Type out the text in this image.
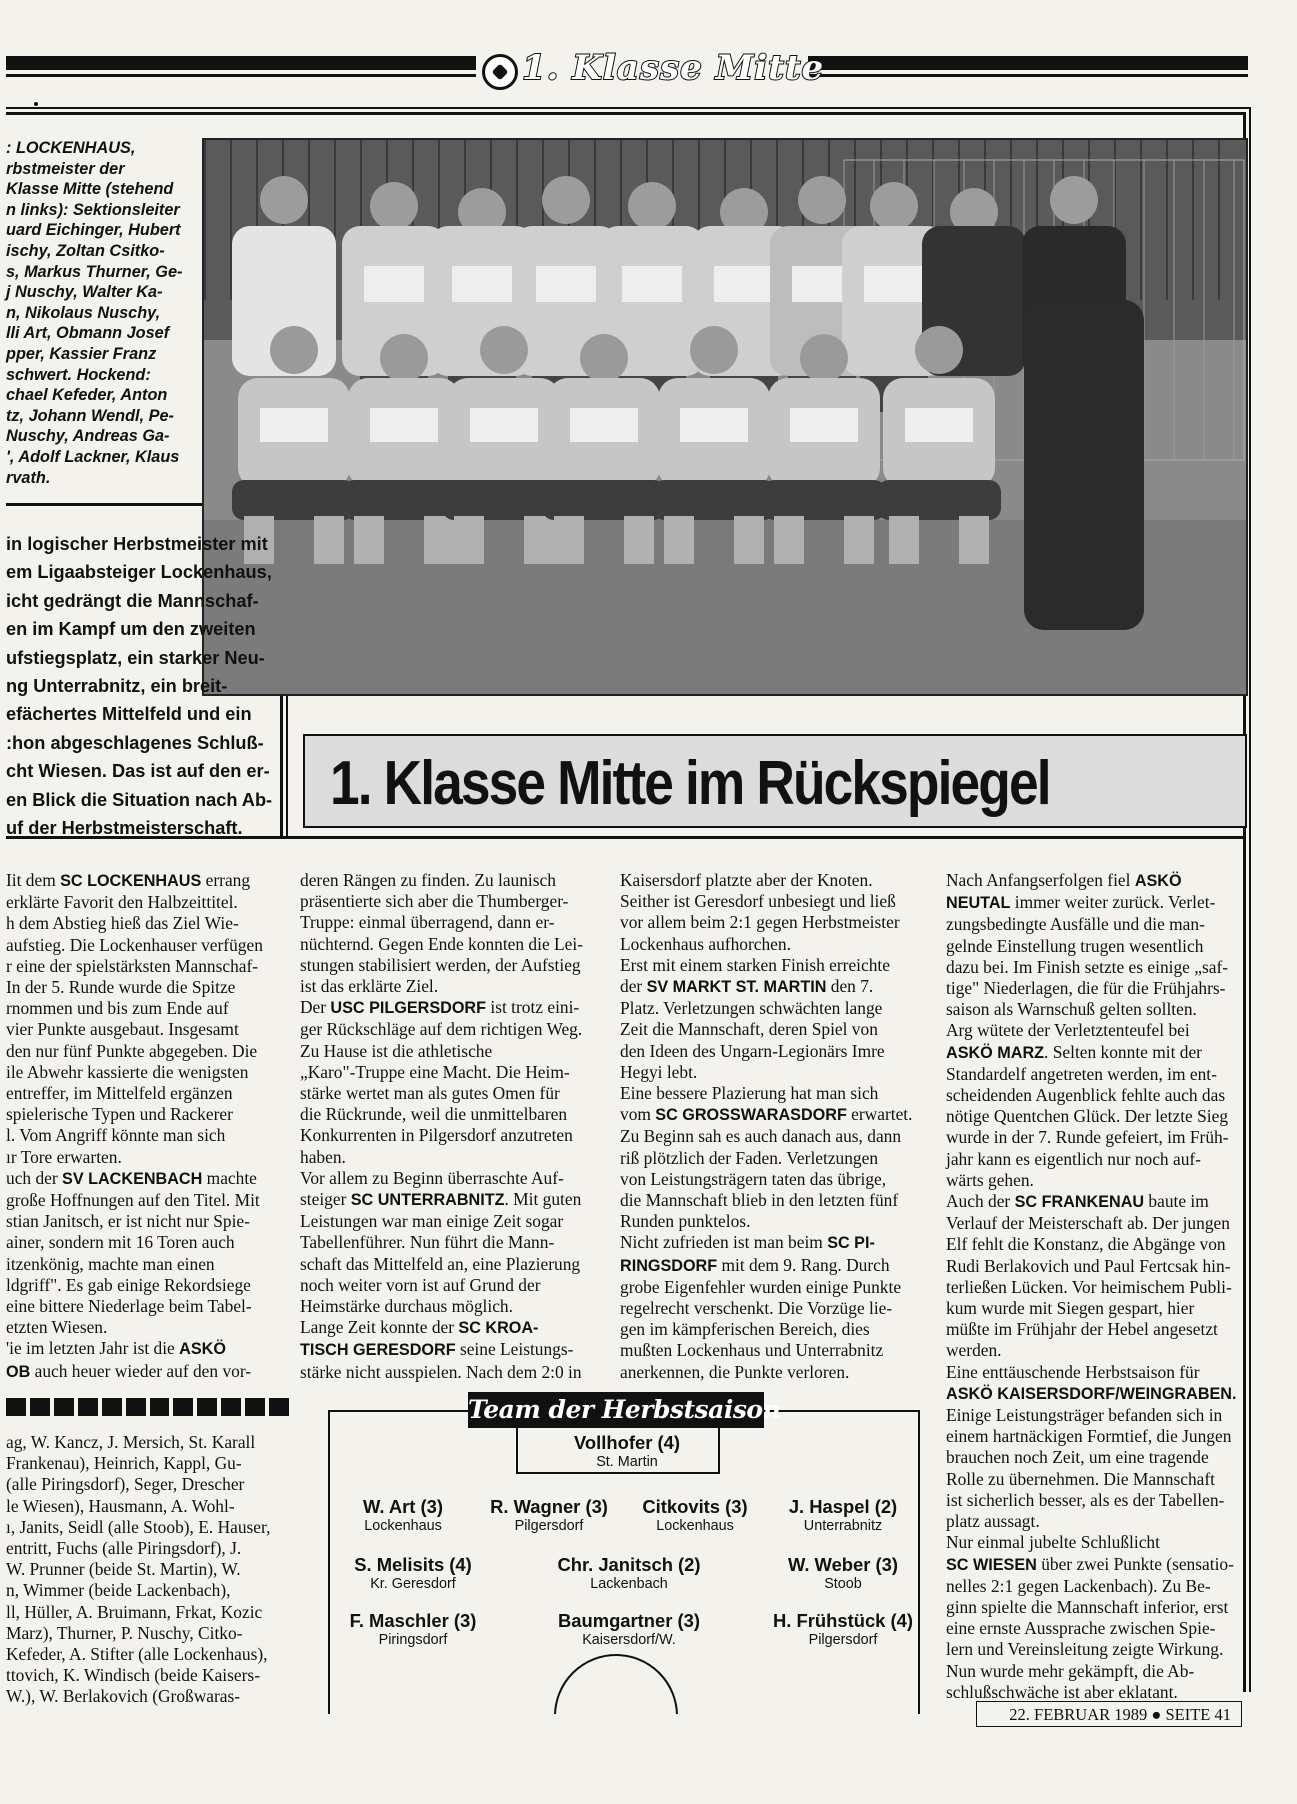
1. Klasse Mitte

: LOCKENHAUS,

rbstmeister der

Klasse Mitte (stehend

n links): Sektionsleiter

uard Eichinger, Hubert

ischy, Zoltan Csitko-

s, Markus Thurner, Ge-

j Nuschy, Walter Ka-

n, Nikolaus Nuschy,

lli Art, Obmann Josef

pper, Kassier Franz

schwert. Hockend:

chael Kefeder, Anton

tz, Johann Wendl, Pe-

Nuschy, Andreas Ga-

', Adolf Lackner, Klaus

rvath.

in logischer Herbstmeister mit

em Ligaabsteiger Lockenhaus,

icht gedrängt die Mannschaf-

en im Kampf um den zweiten

ufstiegsplatz, ein starker Neu-

ng Unterrabnitz, ein breit-

efächertes Mittelfeld und ein

:hon abgeschlagenes Schluß-

cht Wiesen. Das ist auf den er-

en Blick die Situation nach Ab-

uf der Herbstmeisterschaft.

1. Klasse Mitte im Rückspiegel

Iit dem SC LOCKENHAUS errang

erklärte Favorit den Halbzeittitel.

h dem Abstieg hieß das Ziel Wie-

aufstieg. Die Lockenhauser verfügen

r eine der spielstärksten Mannschaf-

In der 5. Runde wurde die Spitze

rnommen und bis zum Ende auf

vier Punkte ausgebaut. Insgesamt

den nur fünf Punkte abgegeben. Die

ile Abwehr kassierte die wenigsten

entreffer, im Mittelfeld ergänzen

spielerische Typen und Rackerer

l. Vom Angriff könnte man sich

ır Tore erwarten.

uch der SV LACKENBACH machte

große Hoffnungen auf den Titel. Mit

stian Janitsch, er ist nicht nur Spie-

ainer, sondern mit 16 Toren auch

itzenkönig, machte man einen

ldgriff". Es gab einige Rekordsiege

eine bittere Niederlage beim Tabel-

etzten Wiesen.

'ie im letzten Jahr ist die ASKÖ

OB auch heuer wieder auf den vor-

deren Rängen zu finden. Zu launisch

präsentierte sich aber die Thumberger-

Truppe: einmal überragend, dann er-

nüchternd. Gegen Ende konnten die Lei-

stungen stabilisiert werden, der Aufstieg

ist das erklärte Ziel.

Der USC PILGERSDORF ist trotz eini-

ger Rückschläge auf dem richtigen Weg.

Zu Hause ist die athletische

„Karo"-Truppe eine Macht. Die Heim-

stärke wertet man als gutes Omen für

die Rückrunde, weil die unmittelbaren

Konkurrenten in Pilgersdorf anzutreten

haben.

Vor allem zu Beginn überraschte Auf-

steiger SC UNTERRABNITZ. Mit guten

Leistungen war man einige Zeit sogar

Tabellenführer. Nun führt die Mann-

schaft das Mittelfeld an, eine Plazierung

noch weiter vorn ist auf Grund der

Heimstärke durchaus möglich.

Lange Zeit konnte der SC KROA-

TISCH GERESDORF seine Leistungs-

stärke nicht ausspielen. Nach dem 2:0 in

Kaisersdorf platzte aber der Knoten.

Seither ist Geresdorf unbesiegt und ließ

vor allem beim 2:1 gegen Herbstmeister

Lockenhaus aufhorchen.

Erst mit einem starken Finish erreichte

der SV MARKT ST. MARTIN den 7.

Platz. Verletzungen schwächten lange

Zeit die Mannschaft, deren Spiel von

den Ideen des Ungarn-Legionärs Imre

Hegyi lebt.

Eine bessere Plazierung hat man sich

vom SC GROSSWARASDORF erwartet.

Zu Beginn sah es auch danach aus, dann

riß plötzlich der Faden. Verletzungen

von Leistungsträgern taten das übrige,

die Mannschaft blieb in den letzten fünf

Runden punktelos.

Nicht zufrieden ist man beim SC PI-

RINGSDORF mit dem 9. Rang. Durch

grobe Eigenfehler wurden einige Punkte

regelrecht verschenkt. Die Vorzüge lie-

gen im kämpferischen Bereich, dies

mußten Lockenhaus und Unterrabnitz

anerkennen, die Punkte verloren.

Nach Anfangserfolgen fiel ASKÖ

NEUTAL immer weiter zurück. Verlet-

zungsbedingte Ausfälle und die man-

gelnde Einstellung trugen wesentlich

dazu bei. Im Finish setzte es einige „saf-

tige" Niederlagen, die für die Frühjahrs-

saison als Warnschuß gelten sollten.

Arg wütete der Verletztenteufel bei

ASKÖ MARZ. Selten konnte mit der

Standardelf angetreten werden, im ent-

scheidenden Augenblick fehlte auch das

nötige Quentchen Glück. Der letzte Sieg

wurde in der 7. Runde gefeiert, im Früh-

jahr kann es eigentlich nur noch auf-

wärts gehen.

Auch der SC FRANKENAU baute im

Verlauf der Meisterschaft ab. Der jungen

Elf fehlt die Konstanz, die Abgänge von

Rudi Berlakovich und Paul Fertcsak hin-

terließen Lücken. Vor heimischem Publi-

kum wurde mit Siegen gespart, hier

müßte im Frühjahr der Hebel angesetzt

werden.

Eine enttäuschende Herbstsaison für

ASKÖ KAISERSDORF/WEINGRABEN.

Einige Leistungsträger befanden sich in

einem hartnäckigen Formtief, die Jungen

brauchen noch Zeit, um eine tragende

Rolle zu übernehmen. Die Mannschaft

ist sicherlich besser, als es der Tabellen-

platz aussagt.

Nur einmal jubelte Schlußlicht

SC WIESEN über zwei Punkte (sensatio-

nelles 2:1 gegen Lackenbach). Zu Be-

ginn spielte die Mannschaft inferior, erst

eine ernste Aussprache zwischen Spie-

lern und Vereinsleitung zeigte Wirkung.

Nun wurde mehr gekämpft, die Ab-

schlußschwäche ist aber eklatant.

ag, W. Kancz, J. Mersich, St. Karall

Frankenau), Heinrich, Kappl, Gu-

(alle Piringsdorf), Seger, Drescher

le Wiesen), Hausmann, A. Wohl-

ı, Janits, Seidl (alle Stoob), E. Hauser,

entritt, Fuchs (alle Piringsdorf), J.

W. Prunner (beide St. Martin), W.

n, Wimmer (beide Lackenbach),

ll, Hüller, A. Bruimann, Frkat, Kozic

Marz), Thurner, P. Nuschy, Citko-

Kefeder, A. Stifter (alle Lockenhaus),

ttovich, K. Windisch (beide Kaisers-

W.), W. Berlakovich (Großwaras-

Team der Herbstsaison
Vollhofer (4)
St. Martin
W. Art (3)
Lockenhaus
R. Wagner (3)
Pilgersdorf
Citkovits (3)
Lockenhaus
J. Haspel (2)
Unterrabnitz
S. Melisits (4)
Kr. Geresdorf
Chr. Janitsch (2)
Lackenbach
W. Weber (3)
Stoob
F. Maschler (3)
Piringsdorf
Baumgartner (3)
Kaisersdorf/W.
H. Frühstück (4)
Pilgersdorf
22. FEBRUAR 1989 ● SEITE 41
